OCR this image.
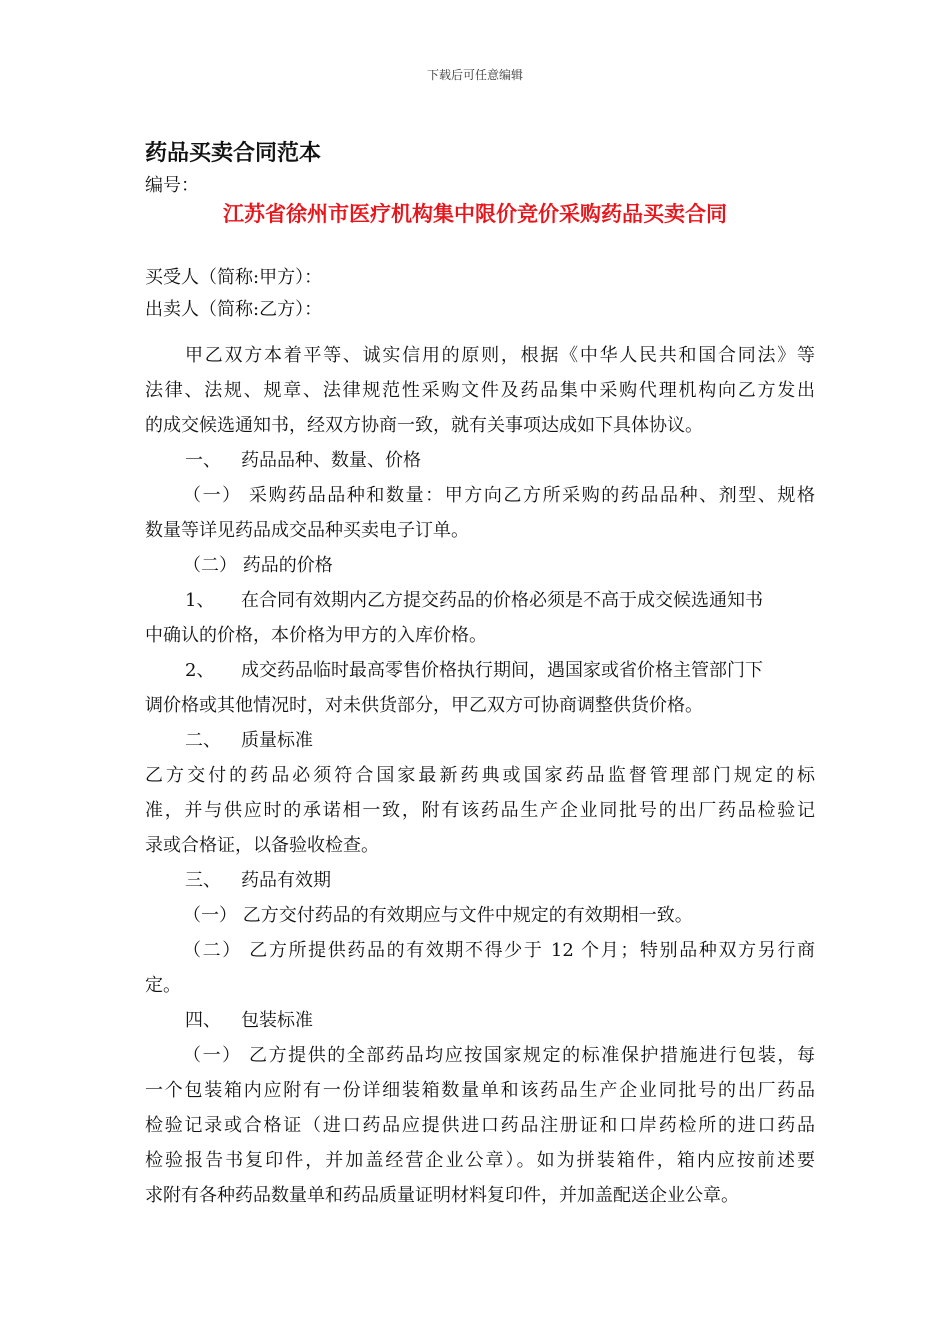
下载后可任意编辑
药品买卖合同范本
编号：
江苏省徐州市医疗机构集中限价竞价采购药品买卖合同
买受人（简称:甲方）：
出卖人（简称:乙方）：
甲乙双方本着平等、诚实信用的原则，根据《中华人民共和国合同法》等
法律、法规、规章、法律规范性采购文件及药品集中采购代理机构向乙方发出
的成交候选通知书，经双方协商一致，就有关事项达成如下具体协议。
一、 药品品种、数量、价格
（一） 采购药品品种和数量：甲方向乙方所采购的药品品种、剂型、规格
数量等详见药品成交品种买卖电子订单。
（二） 药品的价格
1、 在合同有效期内乙方提交药品的价格必须是不高于成交候选通知书
中确认的价格，本价格为甲方的入库价格。
2、 成交药品临时最高零售价格执行期间，遇国家或省价格主管部门下
调价格或其他情况时，对未供货部分，甲乙双方可协商调整供货价格。
二、 质量标准
乙方交付的药品必须符合国家最新药典或国家药品监督管理部门规定的标
准，并与供应时的承诺相一致，附有该药品生产企业同批号的出厂药品检验记
录或合格证，以备验收检查。
三、 药品有效期
（一） 乙方交付药品的有效期应与文件中规定的有效期相一致。
（二） 乙方所提供药品的有效期不得少于 12 个月；特别品种双方另行商
定。
四、 包装标准
（一） 乙方提供的全部药品均应按国家规定的标准保护措施进行包装，每
一个包装箱内应附有一份详细装箱数量单和该药品生产企业同批号的出厂药品
检验记录或合格证（进口药品应提供进口药品注册证和口岸药检所的进口药品
检验报告书复印件，并加盖经营企业公章）。如为拼装箱件，箱内应按前述要
求附有各种药品数量单和药品质量证明材料复印件，并加盖配送企业公章。
